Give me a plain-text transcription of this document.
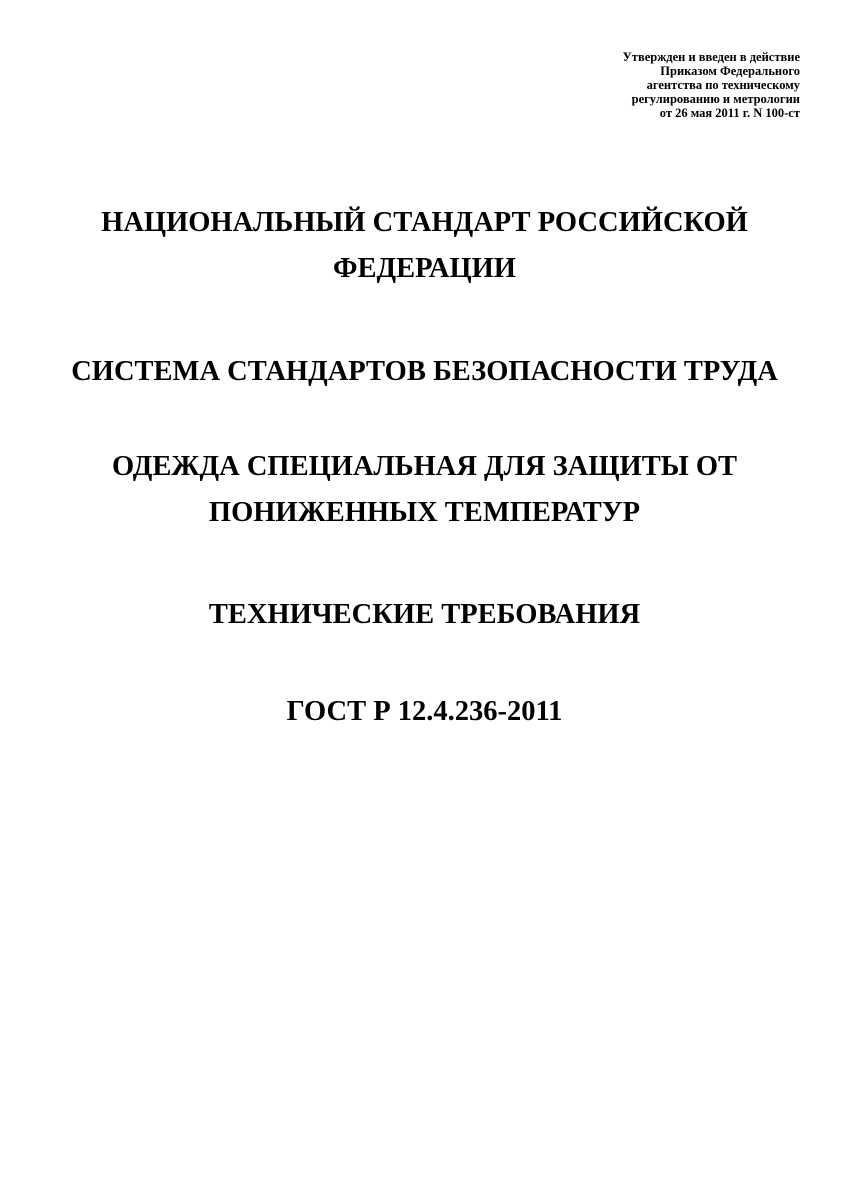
Утвержден и введен в действие
Приказом Федерального
агентства по техническому
регулированию и метрологии
от 26 мая 2011 г. N 100-ст
НАЦИОНАЛЬНЫЙ СТАНДАРТ РОССИЙСКОЙ
ФЕДЕРАЦИИ
СИСТЕМА СТАНДАРТОВ БЕЗОПАСНОСТИ ТРУДА
ОДЕЖДА СПЕЦИАЛЬНАЯ ДЛЯ ЗАЩИТЫ ОТ
ПОНИЖЕННЫХ ТЕМПЕРАТУР
ТЕХНИЧЕСКИЕ ТРЕБОВАНИЯ
ГОСТ Р 12.4.236-2011
